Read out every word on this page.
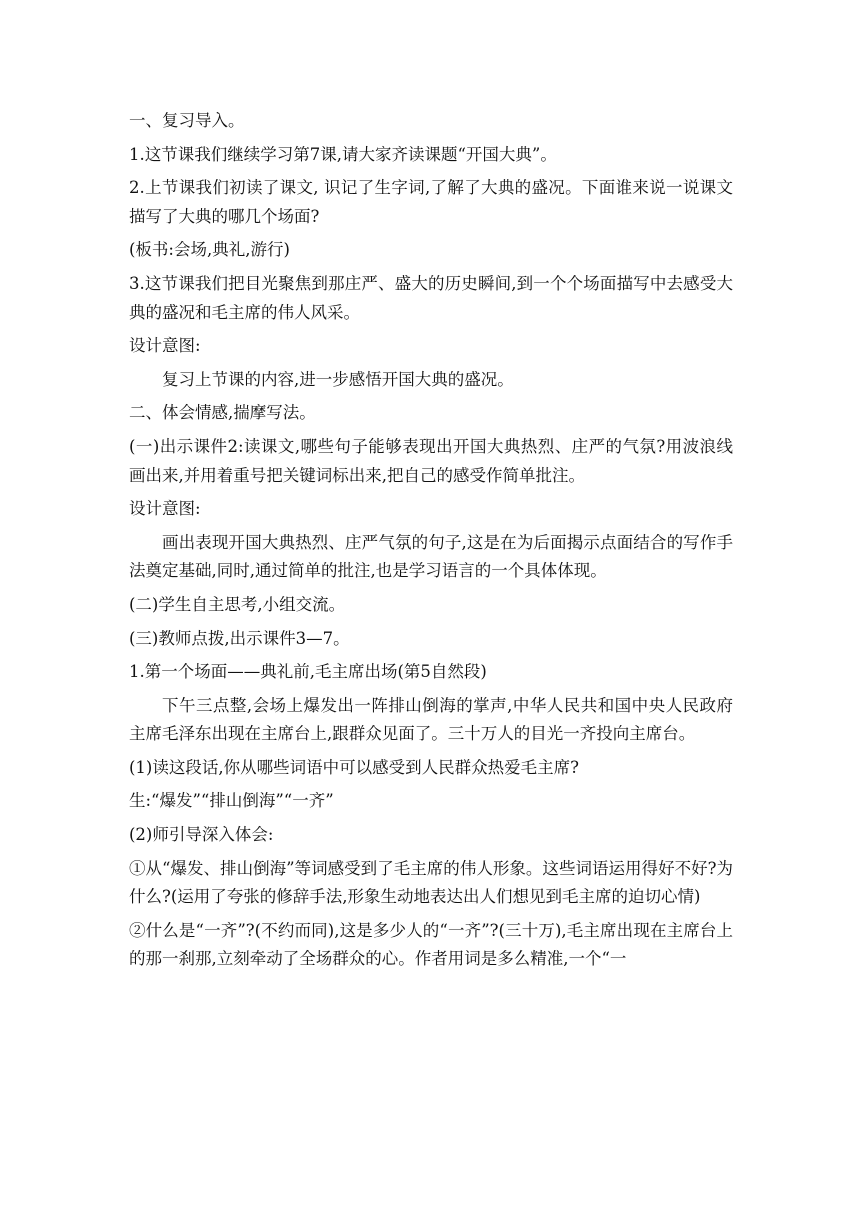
一、复习导入。

1.这节课我们继续学习第7课,请大家齐读课题“开国大典”。

2.上节课我们初读了课文, 识记了生字词,了解了大典的盛况。下面谁来说一说课文描写了大典的哪几个场面?

(板书:会场,典礼,游行)

3.这节课我们把目光聚焦到那庄严、盛大的历史瞬间,到一个个场面描写中去感受大典的盛况和毛主席的伟人风采。

设计意图:

复习上节课的内容,进一步感悟开国大典的盛况。

二、体会情感,揣摩写法。

(一)出示课件2:读课文,哪些句子能够表现出开国大典热烈、庄严的气氛?用波浪线画出来,并用着重号把关键词标出来,把自己的感受作简单批注。

设计意图:

画出表现开国大典热烈、庄严气氛的句子,这是在为后面揭示点面结合的写作手法奠定基础,同时,通过简单的批注,也是学习语言的一个具体体现。

(二)学生自主思考,小组交流。

(三)教师点拨,出示课件3—7。

1.第一个场面——典礼前,毛主席出场(第5自然段)

下午三点整,会场上爆发出一阵排山倒海的掌声,中华人民共和国中央人民政府主席毛泽东出现在主席台上,跟群众见面了。三十万人的目光一齐投向主席台。

(1)读这段话,你从哪些词语中可以感受到人民群众热爱毛主席?

生:“爆发”“排山倒海”“一齐”

(2)师引导深入体会:

①从“爆发、排山倒海”等词感受到了毛主席的伟人形象。这些词语运用得好不好?为什么?(运用了夸张的修辞手法,形象生动地表达出人们想见到毛主席的迫切心情)

②什么是“一齐”?(不约而同),这是多少人的“一齐”?(三十万),毛主席出现在主席台上的那一刹那,立刻牵动了全场群众的心。作者用词是多么精准,一个“一
